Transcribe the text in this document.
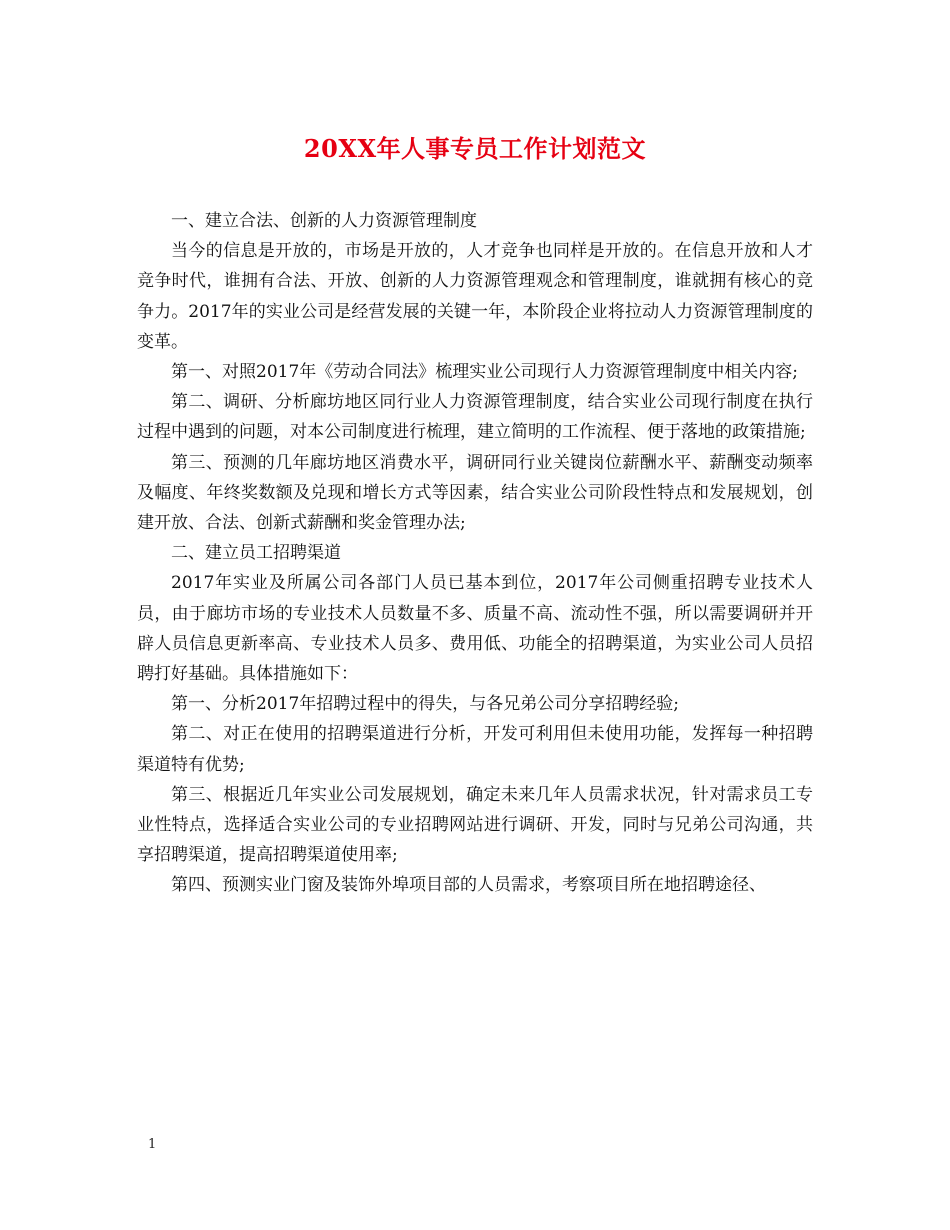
20XX年人事专员工作计划范文

一、建立合法、创新的人力资源管理制度

当今的信息是开放的，市场是开放的，人才竞争也同样是开放的。在信息开放和人才竞争时代，谁拥有合法、开放、创新的人力资源管理观念和管理制度，谁就拥有核心的竞争力。2017年的实业公司是经营发展的关键一年，本阶段企业将拉动人力资源管理制度的变革。

第一、对照2017年《劳动合同法》梳理实业公司现行人力资源管理制度中相关内容;

第二、调研、分析廊坊地区同行业人力资源管理制度，结合实业公司现行制度在执行过程中遇到的问题，对本公司制度进行梳理，建立简明的工作流程、便于落地的政策措施;

第三、预测的几年廊坊地区消费水平，调研同行业关键岗位薪酬水平、薪酬变动频率及幅度、年终奖数额及兑现和增长方式等因素，结合实业公司阶段性特点和发展规划，创建开放、合法、创新式薪酬和奖金管理办法;

二、建立员工招聘渠道

2017年实业及所属公司各部门人员已基本到位，2017年公司侧重招聘专业技术人员，由于廊坊市场的专业技术人员数量不多、质量不高、流动性不强，所以需要调研并开辟人员信息更新率高、专业技术人员多、费用低、功能全的招聘渠道，为实业公司人员招聘打好基础。具体措施如下：

第一、分析2017年招聘过程中的得失，与各兄弟公司分享招聘经验;

第二、对正在使用的招聘渠道进行分析，开发可利用但未使用功能，发挥每一种招聘渠道特有优势;

第三、根据近几年实业公司发展规划，确定未来几年人员需求状况，针对需求员工专业性特点，选择适合实业公司的专业招聘网站进行调研、开发，同时与兄弟公司沟通，共享招聘渠道，提高招聘渠道使用率;

第四、预测实业门窗及装饰外埠项目部的人员需求，考察项目所在地招聘途径、

1
